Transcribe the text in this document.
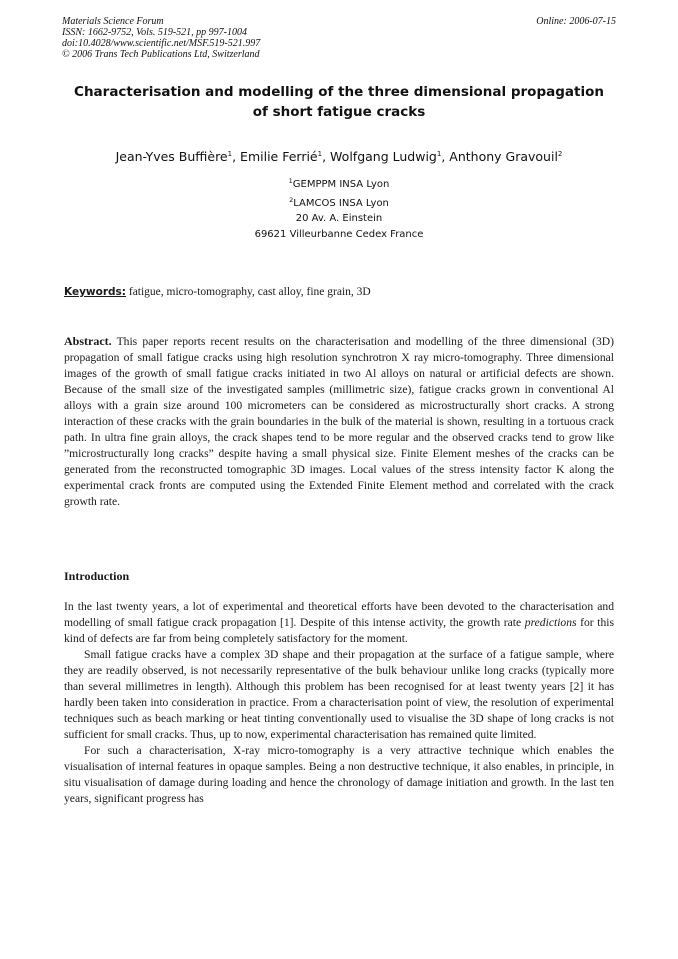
Materials Science Forum
ISSN: 1662-9752, Vols. 519-521, pp 997-1004
doi:10.4028/www.scientific.net/MSF.519-521.997
© 2006 Trans Tech Publications Ltd, Switzerland
Online: 2006-07-15
Characterisation and modelling of the three dimensional propagation
of short fatigue cracks
Jean-Yves Buffière$^1$, Emilie Ferrié$^1$, Wolfgang Ludwig$^1$, Anthony Gravouil$^2$
$^1$GEMPPM INSA Lyon
$^2$LAMCOS INSA Lyon
20 Av. A. Einstein
69621 Villeurbanne Cedex France
Keywords: fatigue, micro-tomography, cast alloy, fine grain, 3D
Abstract. This paper reports recent results on the characterisation and modelling of the three dimensional (3D) propagation of small fatigue cracks using high resolution synchrotron X ray micro-tomography. Three dimensional images of the growth of small fatigue cracks initiated in two Al alloys on natural or artificial defects are shown. Because of the small size of the investigated samples (millimetric size), fatigue cracks grown in conventional Al alloys with a grain size around 100 micrometers can be considered as microstructurally short cracks. A strong interaction of these cracks with the grain boundaries in the bulk of the material is shown, resulting in a tortuous crack path. In ultra fine grain alloys, the crack shapes tend to be more regular and the observed cracks tend to grow like ”microstructurally long cracks” despite having a small physical size. Finite Element meshes of the cracks can be generated from the reconstructed tomographic 3D images. Local values of the stress intensity factor K along the experimental crack fronts are computed using the Extended Finite Element method and correlated with the crack growth rate.
Introduction

In the last twenty years, a lot of experimental and theoretical efforts have been devoted to the characterisation and modelling of small fatigue crack propagation [1]. Despite of this intense activity, the growth rate predictions for this kind of defects are far from being completely satisfactory for the moment.

Small fatigue cracks have a complex 3D shape and their propagation at the surface of a fatigue sample, where they are readily observed, is not necessarily representative of the bulk behaviour unlike long cracks (typically more than several millimetres in length). Although this problem has been recognised for at least twenty years [2] it has hardly been taken into consideration in practice. From a characterisation point of view, the resolution of experimental techniques such as beach marking or heat tinting conventionally used to visualise the 3D shape of long cracks is not sufficient for small cracks. Thus, up to now, experimental characterisation has remained quite limited.

For such a characterisation, X-ray micro-tomography is a very attractive technique which enables the visualisation of internal features in opaque samples. Being a non destructive technique, it also enables, in principle, in situ visualisation of damage during loading and hence the chronology of damage initiation and growth. In the last ten years, significant progress has
